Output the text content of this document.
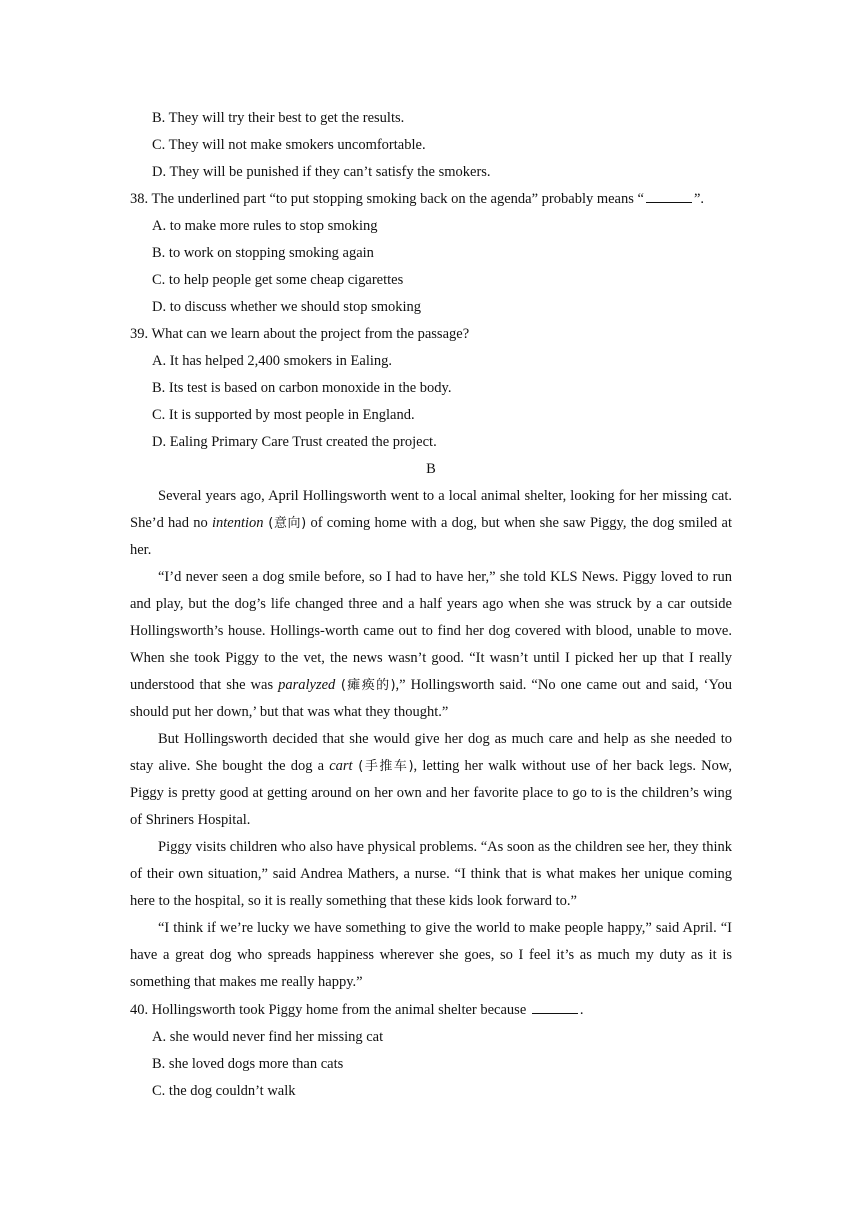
B. They will try their best to get the results.
C. They will not make smokers uncomfortable.
D. They will be punished if they can’t satisfy the smokers.
38. The underlined part “to put stopping smoking back on the agenda” probably means “	”.
A. to make more rules to stop smoking
B. to work on stopping smoking again
C. to help people get some cheap cigarettes
D. to discuss whether we should stop smoking
39. What can we learn about the project from the passage?
A. It has helped 2,400 smokers in Ealing.
B. Its test is based on carbon monoxide in the body.
C. It is supported by most people in England.
D. Ealing Primary Care Trust created the project.
B
Several years ago, April Hollingsworth went to a local animal shelter, looking for her missing cat. She’d had no intention (意向) of coming home with a dog, but when she saw Piggy, the dog smiled at her.
“I’d never seen a dog smile before, so I had to have her,” she told KLS News. Piggy loved to run and play, but the dog’s life changed three and a half years ago when she was struck by a car outside Hollingsworth’s house. Hollings-worth came out to find her dog covered with blood, unable to move. When she took Piggy to the vet, the news wasn’t good. “It wasn’t until I picked her up that I really understood that she was paralyzed (瘫痪的),” Hollingsworth said. “No one came out and said, ‘You should put her down,’ but that was what they thought.”
But Hollingsworth decided that she would give her dog as much care and help as she needed to stay alive. She bought the dog a cart (手推车), letting her walk without use of her back legs. Now, Piggy is pretty good at getting around on her own and her favorite place to go to is the children’s wing of Shriners Hospital.
Piggy visits children who also have physical problems. “As soon as the children see her, they think of their own situation,” said Andrea Mathers, a nurse. “I think that is what makes her unique coming here to the hospital, so it is really something that these kids look forward to.”
“I think if we’re lucky we have something to give the world to make people happy,” said April. “I have a great dog who spreads happiness wherever she goes, so I feel it’s as much my duty as it is something that makes me really happy.”
40. Hollingsworth took Piggy home from the animal shelter because	.
A. she would never find her missing cat
B. she loved dogs more than cats
C. the dog couldn’t walk
